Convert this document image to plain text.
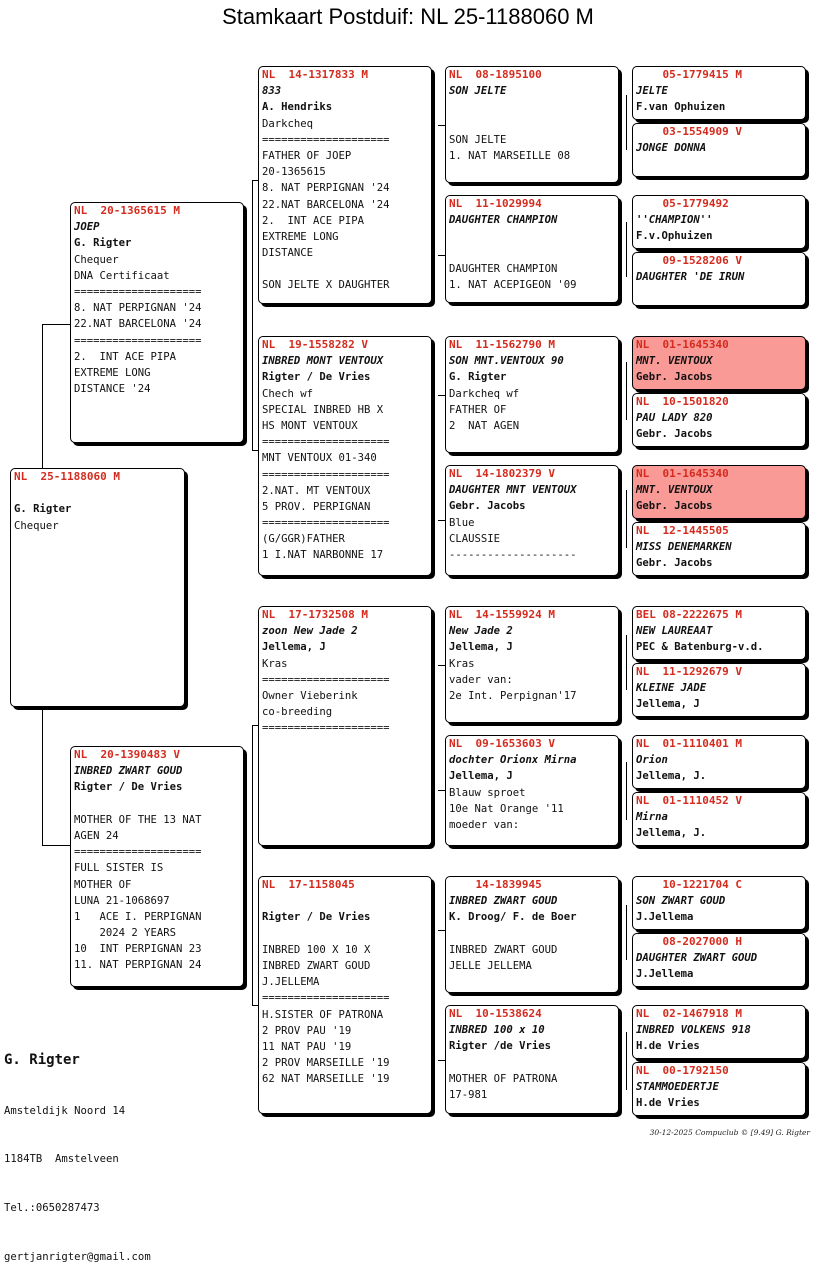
Stamkaart Postduif: NL 25-1188060 M
NL  25-1188060 M
G. Rigter
Chequer
NL  20-1365615 M
JOEP
G. Rigter
Chequer
DNA Certificaat
====================
8. NAT PERPIGNAN '24
22.NAT BARCELONA '24
====================
2.  INT ACE PIPA
EXTREME LONG
DISTANCE '24
NL  20-1390483 V
INBRED ZWART GOUD
Rigter / De Vries
MOTHER OF THE 13 NAT
AGEN 24
====================
FULL SISTER IS
MOTHER OF
LUNA 21-1068697
1   ACE I. PERPIGNAN
2024 2 YEARS
10  INT PERPIGNAN 23
11. NAT PERPIGNAN 24
NL  14-1317833 M
833
A. Hendriks
Darkcheq
====================
FATHER OF JOEP
20-1365615
8. NAT PERPIGNAN '24
22.NAT BARCELONA '24
2.  INT ACE PIPA
EXTREME LONG
DISTANCE
SON JELTE X DAUGHTER
NL  19-1558282 V
INBRED MONT VENTOUX
Rigter / De Vries
Chech wf
SPECIAL INBRED HB X
HS MONT VENTOUX
====================
MNT VENTOUX 01-340
====================
2.NAT. MT VENTOUX
5 PROV. PERPIGNAN
====================
(G/GGR)FATHER
1 I.NAT NARBONNE 17
NL  17-1732508 M
zoon New Jade 2
Jellema, J
Kras
====================
Owner Vieberink
co-breeding
====================
NL  17-1158045
Rigter / De Vries
INBRED 100 X 10 X
INBRED ZWART GOUD
J.JELLEMA
====================
H.SISTER OF PATRONA
2 PROV PAU '19
11 NAT PAU '19
2 PROV MARSEILLE '19
62 NAT MARSEILLE '19
NL  08-1895100
SON JELTE
SON JELTE
1. NAT MARSEILLE 08
NL  11-1029994
DAUGHTER CHAMPION
DAUGHTER CHAMPION
1. NAT ACEPIGEON '09
NL  11-1562790 M
SON MNT.VENTOUX 90
G. Rigter
Darkcheq wf
FATHER OF
2  NAT AGEN
NL  14-1802379 V
DAUGHTER MNT VENTOUX
Gebr. Jacobs
Blue
CLAUSSIE
--------------------
NL  14-1559924 M
New Jade 2
Jellema, J
Kras
vader van:
2e Int. Perpignan'17
NL  09-1653603 V
dochter Orionx Mirna
Jellema, J
Blauw sproet
10e Nat Orange '11
moeder van:
14-1839945
INBRED ZWART GOUD
K. Droog/ F. de Boer
INBRED ZWART GOUD
JELLE JELLEMA
NL  10-1538624
INBRED 100 x 10
Rigter /de Vries
MOTHER OF PATRONA
17-981
05-1779415 M
JELTE
F.van Ophuizen
03-1554909 V
JONGE DONNA
05-1779492
''CHAMPION''
F.v.Ophuizen
09-1528206 V
DAUGHTER 'DE IRUN
NL  01-1645340
MNT. VENTOUX
Gebr. Jacobs
NL  10-1501820
PAU LADY 820
Gebr. Jacobs
NL  01-1645340
MNT. VENTOUX
Gebr. Jacobs
NL  12-1445505
MISS DENEMARKEN
Gebr. Jacobs
BEL 08-2222675 M
NEW LAUREAAT
PEC & Batenburg-v.d.
NL  11-1292679 V
KLEINE JADE
Jellema, J
NL  01-1110401 M
Orion
Jellema, J.
NL  01-1110452 V
Mirna
Jellema, J.
10-1221704 C
SON ZWART GOUD
J.Jellema
08-2027000 H
DAUGHTER ZWART GOUD
J.Jellema
NL  02-1467918 M
INBRED VOLKENS 918
H.de Vries
NL  00-1792150
STAMMOEDERTJE
H.de Vries

G. Rigter

Amsteldijk Noord 14

1184TB  Amstelveen

Tel.:0650287473

gertjanrigter@gmail.com

30-12-2025 Compuclub © [9.49] G. Rigter
